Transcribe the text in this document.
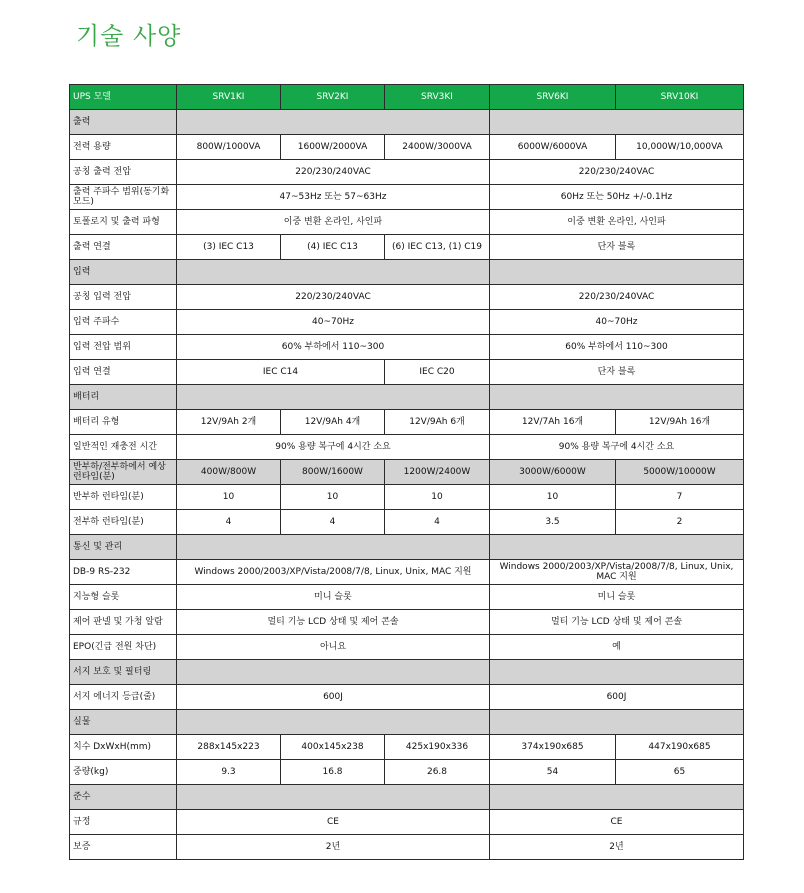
기술 사양
UPS 모델	SRV1KI	SRV2KI	SRV3KI	SRV6KI	SRV10KI
출력					
전력 용량	800W/1000VA	1600W/2000VA	2400W/3000VA	6000W/6000VA	10,000W/10,000VA
공칭 출력 전압	220/230/240VAC			220/230/240VAC	
출력 주파수 범위(동기화 모드)	47~53Hz 또는 57~63Hz			60Hz 또는 50Hz +/-0.1Hz	
토폴로지 및 출력 파형	이중 변환 온라인, 사인파			이중 변환 온라인, 사인파	
출력 연결	(3) IEC C13	(4) IEC C13	(6) IEC C13, (1) C19	단자 블록	
입력					
공칭 입력 전압	220/230/240VAC			220/230/240VAC	
입력 주파수	40~70Hz			40~70Hz	
입력 전압 범위	60% 부하에서 110~300			60% 부하에서 110~300	
입력 연결	IEC C14		IEC C20	단자 블록	
배터리					
배터리 유형	12V/9Ah 2개	12V/9Ah 4개	12V/9Ah 6개	12V/7Ah 16개	12V/9Ah 16개
일반적인 재충전 시간	90% 용량 복구에 4시간 소요			90% 용량 복구에 4시간 소요	
반부하/전부하에서 예상 런타임(분)	400W/800W	800W/1600W	1200W/2400W	3000W/6000W	5000W/10000W
반부하 런타임(분)	10	10	10	10	7
전부하 런타임(분)	4	4	4	3.5	2
통신 및 관리					
DB-9 RS-232	Windows 2000/2003/XP/Vista/2008/7/8, Linux, Unix, MAC 지원			Windows 2000/2003/XP/Vista/2008/7/8, Linux, Unix, MAC 지원	
지능형 슬롯	미니 슬롯			미니 슬롯	
제어 판넬 및 가청 알람	멀티 기능 LCD 상태 및 제어 콘솔			멀티 기능 LCD 상태 및 제어 콘솔	
EPO(긴급 전원 차단)	아니요			예	
서지 보호 및 필터링					
서지 에너지 등급(줄)	600J			600J	
실물					
치수 DxWxH(mm)	288x145x223	400x145x238	425x190x336	374x190x685	447x190x685
중량(kg)	9.3	16.8	26.8	54	65
준수					
규정	CE			CE	
보증	2년			2년	
